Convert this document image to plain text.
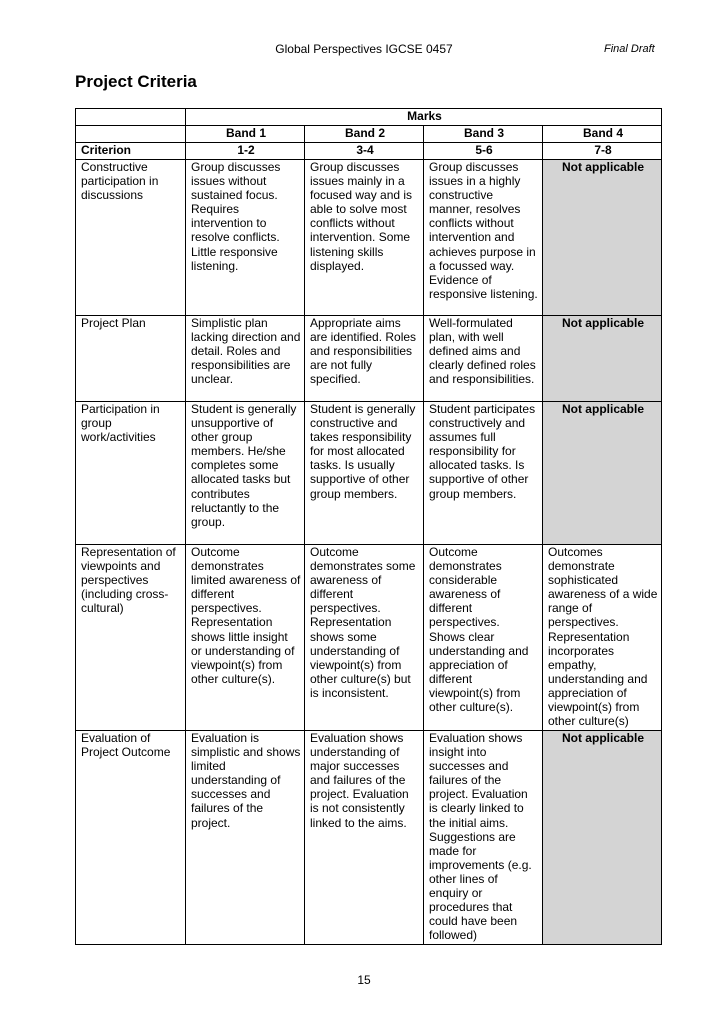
Global Perspectives IGCSE 0457	Final Draft
Project Criteria
	Marks			
	Band 1	Band 2	Band 3	Band 4
Criterion	1-2	3-4	5-6	7-8
Constructive participation in discussions	Group discusses issues without sustained focus. Requires intervention to resolve conflicts. Little responsive listening.	Group discusses issues mainly in a focused way and is able to solve most conflicts without intervention. Some listening skills displayed.	Group discusses issues in a highly constructive manner, resolves conflicts without intervention and achieves purpose in a focussed way. Evidence of responsive listening.	Not applicable
Project Plan	Simplistic plan lacking direction and detail. Roles and responsibilities are unclear.	Appropriate aims are identified. Roles and responsibilities are not fully specified.	Well-formulated plan, with well defined aims and clearly defined roles and responsibilities.	Not applicable
Participation in group work/activities	Student is generally unsupportive of other group members. He/she completes some allocated tasks but contributes reluctantly to the group.	Student is generally constructive and takes responsibility for most allocated tasks. Is usually supportive of other group members.	Student participates constructively and assumes full responsibility for allocated tasks. Is supportive of other group members.	Not applicable
Representation of viewpoints and perspectives (including cross-cultural)	Outcome demonstrates limited awareness of different perspectives. Representation shows little insight or understanding of viewpoint(s) from other culture(s).	Outcome demonstrates some awareness of different perspectives. Representation shows some understanding of viewpoint(s) from other culture(s) but is inconsistent.	Outcome demonstrates considerable awareness of different perspectives. Shows clear understanding and appreciation of different viewpoint(s) from other culture(s).	Outcomes demonstrate sophisticated awareness of a wide range of perspectives. Representation incorporates empathy, understanding and appreciation of viewpoint(s) from other culture(s)
Evaluation of Project Outcome	Evaluation is simplistic and shows limited understanding of successes and failures of the project.	Evaluation shows understanding of major successes and failures of the project. Evaluation is not consistently linked to the aims.	Evaluation shows insight into successes and failures of the project. Evaluation is clearly linked to the initial aims. Suggestions are made for improvements (e.g. other lines of enquiry or procedures that could have been followed)	Not applicable
15
